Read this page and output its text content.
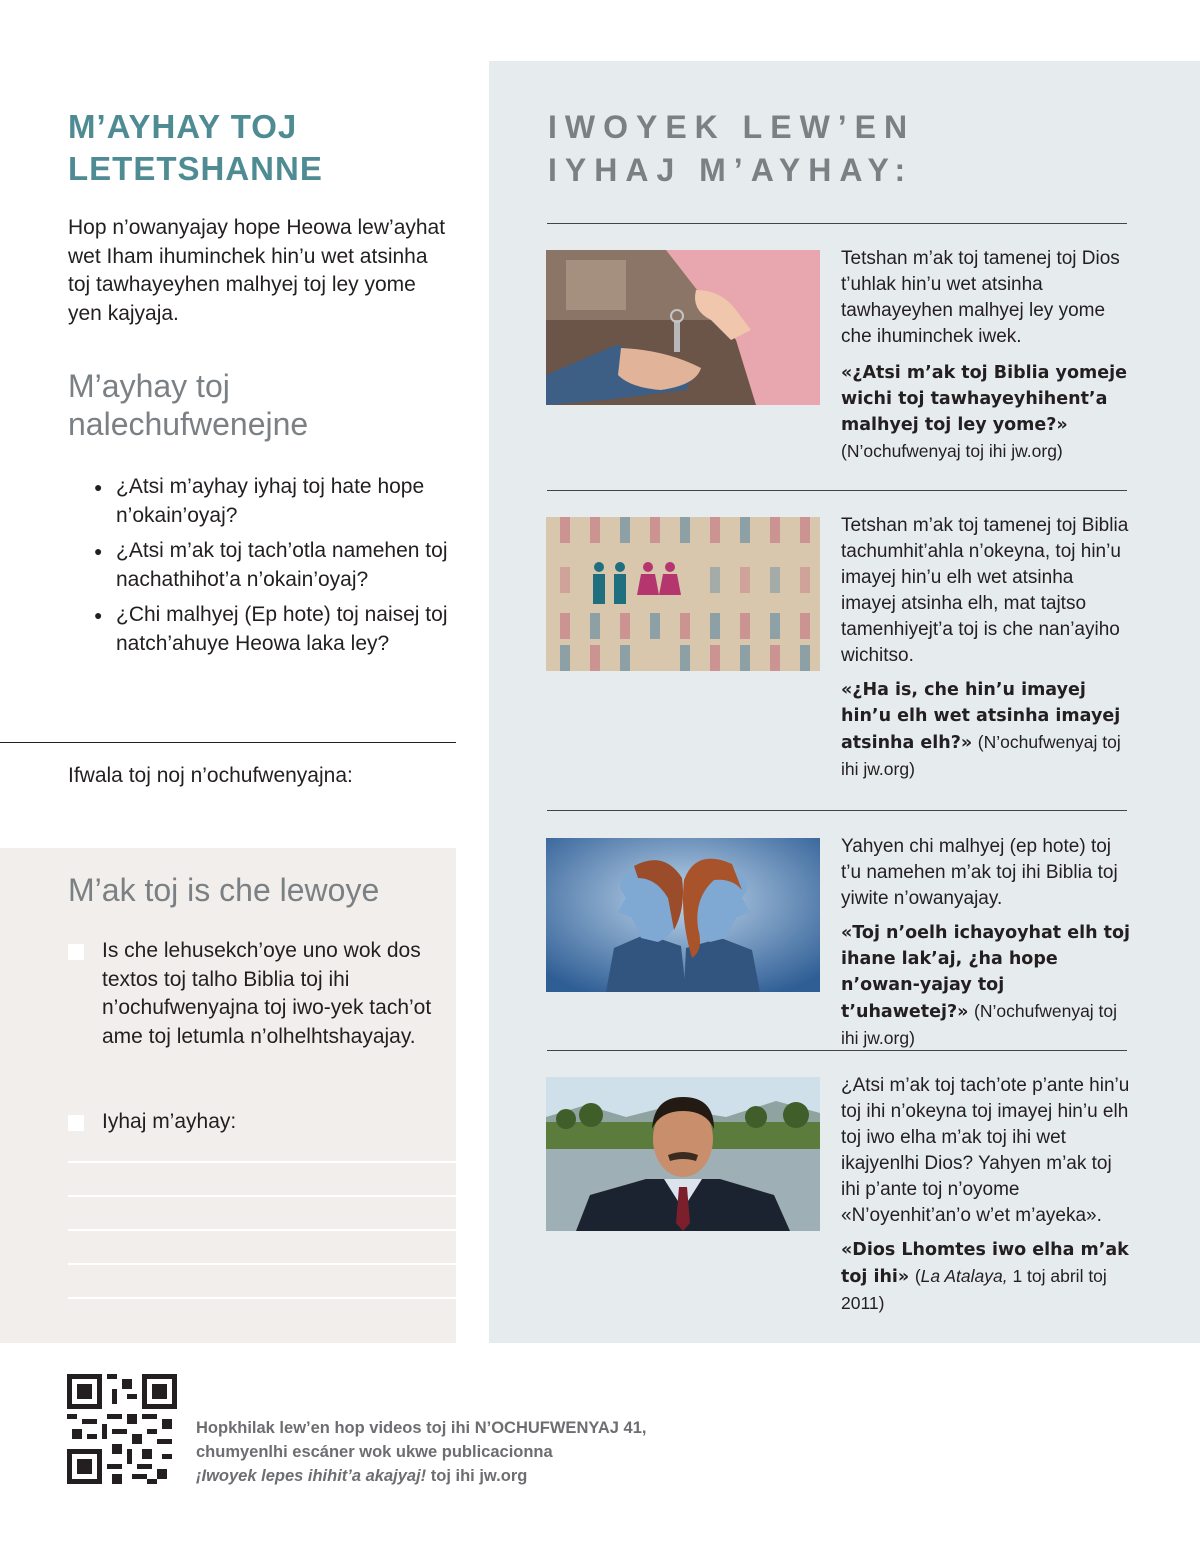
M’AYHAY TOJ LETETSHANNE

Hop n’owanyajay hope Heowa lew’ayhat wet Iham ihuminchek hin’u wet atsinha toj tawhayeyhen malhyej toj ley yome yen kajyaja.

M’ayhay toj nalechufwenejne
● ¿Atsi m’ayhay iyhaj toj hate hope n’okain’oyaj?
● ¿Atsi m’ak toj tach’otla namehen toj nachathihot’a n’okain’oyaj?
● ¿Chi malhyej (Ep hote) toj naisej toj natch’ahuye Heowa laka ley?
Ifwala toj noj n’ochufwenyajna:
M’ak toj is che lewoye
Is che lehusekch’oye uno wok dos textos toj talho Biblia toj ihi n’ochufwenyajna toj iwo-yek tach’ot ame toj letumla n’olhelhtshayajay.
Iyhaj m’ayhay:
IWOYEK LEW’EN IYHAJ M’AYHAY:

Tetshan m’ak toj tamenej toj Dios t’uhlak hin’u wet atsinha tawhayeyhen malhyej ley yome che ihuminchek iwek.

«¿Atsi m’ak toj Biblia yomeje wichi toj tawhayeyhihent’a malhyej toj ley yome?» (N’ochufwenyaj toj ihi jw.org)

Tetshan m’ak toj tamenej toj Biblia tachumhit’ahla n’okeyna, toj hin’u imayej hin’u elh wet atsinha imayej atsinha elh, mat tajtso tamenhiyejt’a toj is che nan’ayiho wichitso.

«¿Ha is, che hin’u imayej hin’u elh wet atsinha imayej atsinha elh?» (N’ochufwenyaj toj ihi jw.org)

Yahyen chi malhyej (ep hote) toj t’u namehen m’ak toj ihi Biblia toj yiwite n’owanyajay.

«Toj n’oelh ichayoyhat elh toj ihane lak’aj, ¿ha hope n’owan-yajay toj t’uhawetej?» (N’ochufwenyaj toj ihi jw.org)

¿Atsi m’ak toj tach’ote p’ante hin’u toj ihi n’okeyna toj imayej hin’u elh toj iwo elha m’ak toj ihi wet ikajyenlhi Dios? Yahyen m’ak toj ihi p’ante toj n’oyome «N’oyenhit’an’o w’et m’ayeka».

«Dios Lhomtes iwo elha m’ak toj ihi» (La Atalaya, 1 toj abril toj 2011)

Hopkhilak lew’en hop videos toj ihi N’OCHUFWENYAJ 41,
chumyenlhi escáner wok ukwe publicacionna
¡Iwoyek lepes ihihit’a akajyaj! toj ihi jw.org
